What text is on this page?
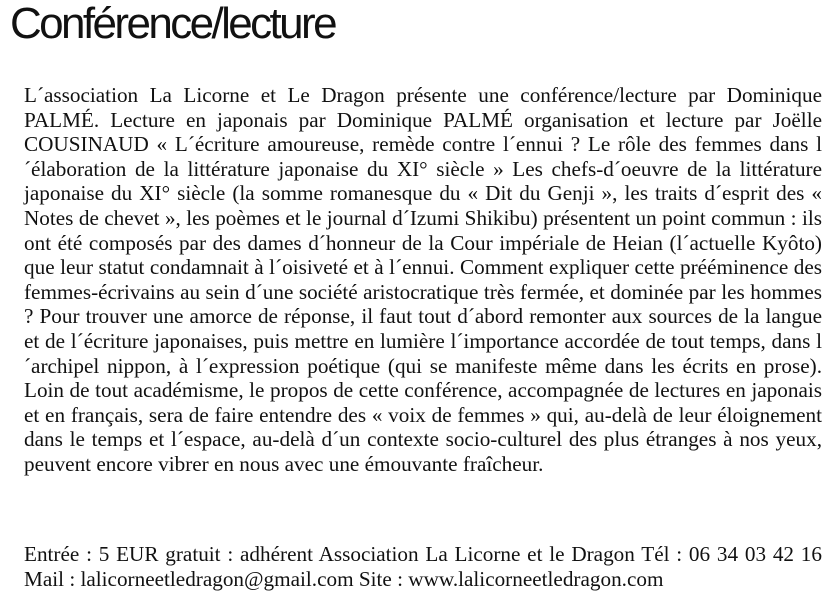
Conférence/lecture

L´association La Licorne et Le Dragon présente une conférence/lecture par Dominique PALMÉ. Lecture en japonais par Dominique PALMÉ organisation et lecture par Joëlle COUSINAUD « L´écriture amoureuse, remède contre l´ennui ? Le rôle des femmes dans l´élaboration de la littérature japonaise du XI° siècle » Les chefs-d´oeuvre de la littérature japonaise du XI° siècle (la somme romanesque du « Dit du Genji », les traits d´esprit des « Notes de chevet », les poèmes et le journal d´Izumi Shikibu) présentent un point commun : ils ont été composés par des dames d´honneur de la Cour impériale de Heian (l´actuelle Kyôto) que leur statut condamnait à l´oisiveté et à l´ennui. Comment expliquer cette prééminence des femmes-écrivains au sein d´une société aristocratique très fermée, et dominée par les hommes ? Pour trouver une amorce de réponse, il faut tout d´abord remonter aux sources de la langue et de l´écriture japonaises, puis mettre en lumière l´importance accordée de tout temps, dans l´archipel nippon, à l´expression poétique (qui se manifeste même dans les écrits en prose). Loin de tout académisme, le propos de cette conférence, accompagnée de lectures en japonais et en français, sera de faire entendre des « voix de femmes » qui, au-delà de leur éloignement dans le temps et l´espace, au-delà d´un contexte socio-culturel des plus étranges à nos yeux, peuvent encore vibrer en nous avec une émouvante fraîcheur.

Entrée : 5 EUR gratuit : adhérent Association La Licorne et le Dragon Tél : 06 34 03 42 16 Mail : lalicorneetledragon@gmail.com Site : www.lalicorneetledragon.com
